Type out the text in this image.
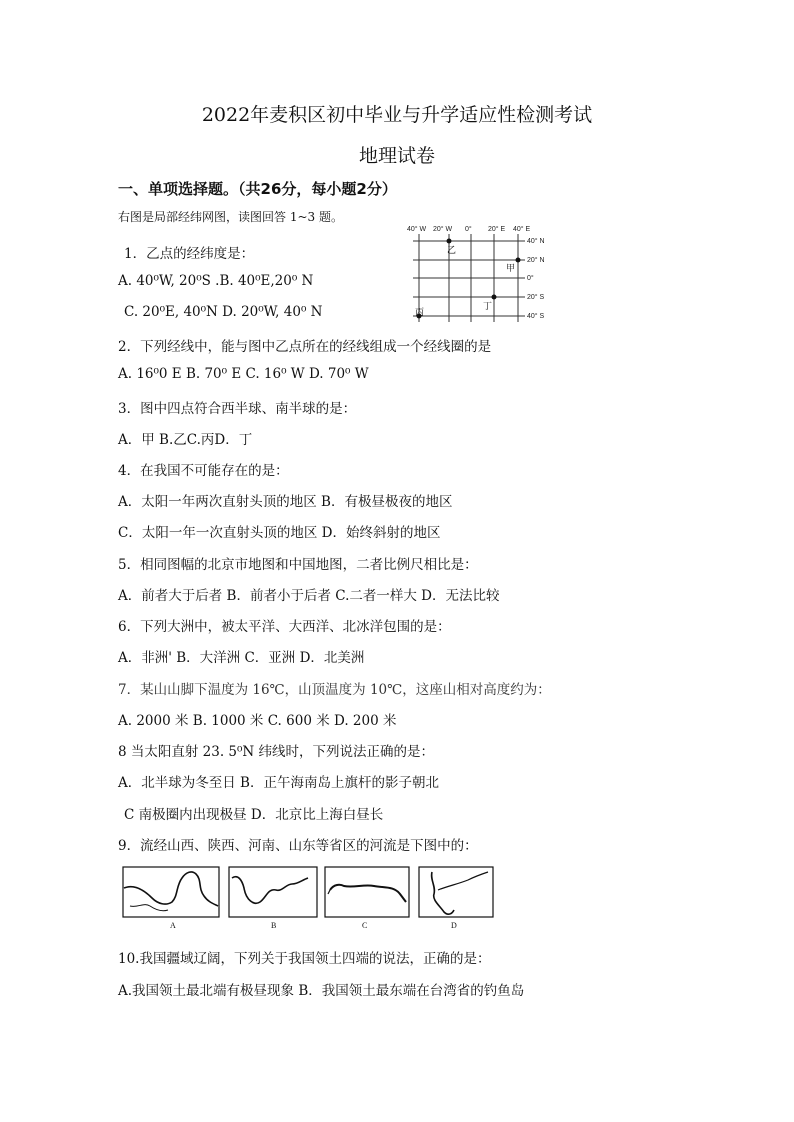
2022年麦积区初中毕业与升学适应性检测考试
地理试卷
一、单项选择题。（共26分，每小题2分）
右图是局部经纬网图，读图回答 1~3 题。
40° W 20° W 0° 20° E 40° E
40° N
20° N
0°
20° S
40° S
乙
甲
丁
丙
1．乙点的经纬度是：
A. 40⁰W, 20⁰S .B. 40⁰E,20⁰ N
C. 20⁰E, 40⁰N D. 20⁰W, 40⁰ N
2．下列经线中，能与图中乙点所在的经线组成一个经线圈的是
A. 16⁰0 E B. 70⁰ E C. 16⁰ W D. 70⁰ W
3．图中四点符合西半球、南半球的是：
A．甲 B.乙C.丙D．丁
4．在我国不可能存在的是：
A．太阳一年两次直射头顶的地区 B．有极昼极夜的地区
C．太阳一年一次直射头顶的地区 D．始终斜射的地区
5．相同图幅的北京市地图和中国地图，二者比例尺相比是：
A．前者大于后者 B．前者小于后者 C.二者一样大 D．无法比较
6．下列大洲中，被太平洋、大西洋、北冰洋包围的是：
A．非洲' B．大洋洲 C．亚洲 D．北美洲
7．某山山脚下温度为 16℃，山顶温度为 10℃，这座山相对高度约为：
A. 2000 米 B. 1000 米 C. 600 米 D. 200 米
8 当太阳直射 23. 5⁰N 纬线时，下列说法正确的是：
A．北半球为冬至日 B．正午海南岛上旗杆的影子朝北
C 南极圈内出现极昼 D．北京比上海白昼长
9．流经山西、陕西、河南、山东等省区的河流是下图中的：
A	B	C	D
10.我国疆域辽阔，下列关于我国领土四端的说法，正确的是：
A.我国领土最北端有极昼现象 B．我国领土最东端在台湾省的钓鱼岛
